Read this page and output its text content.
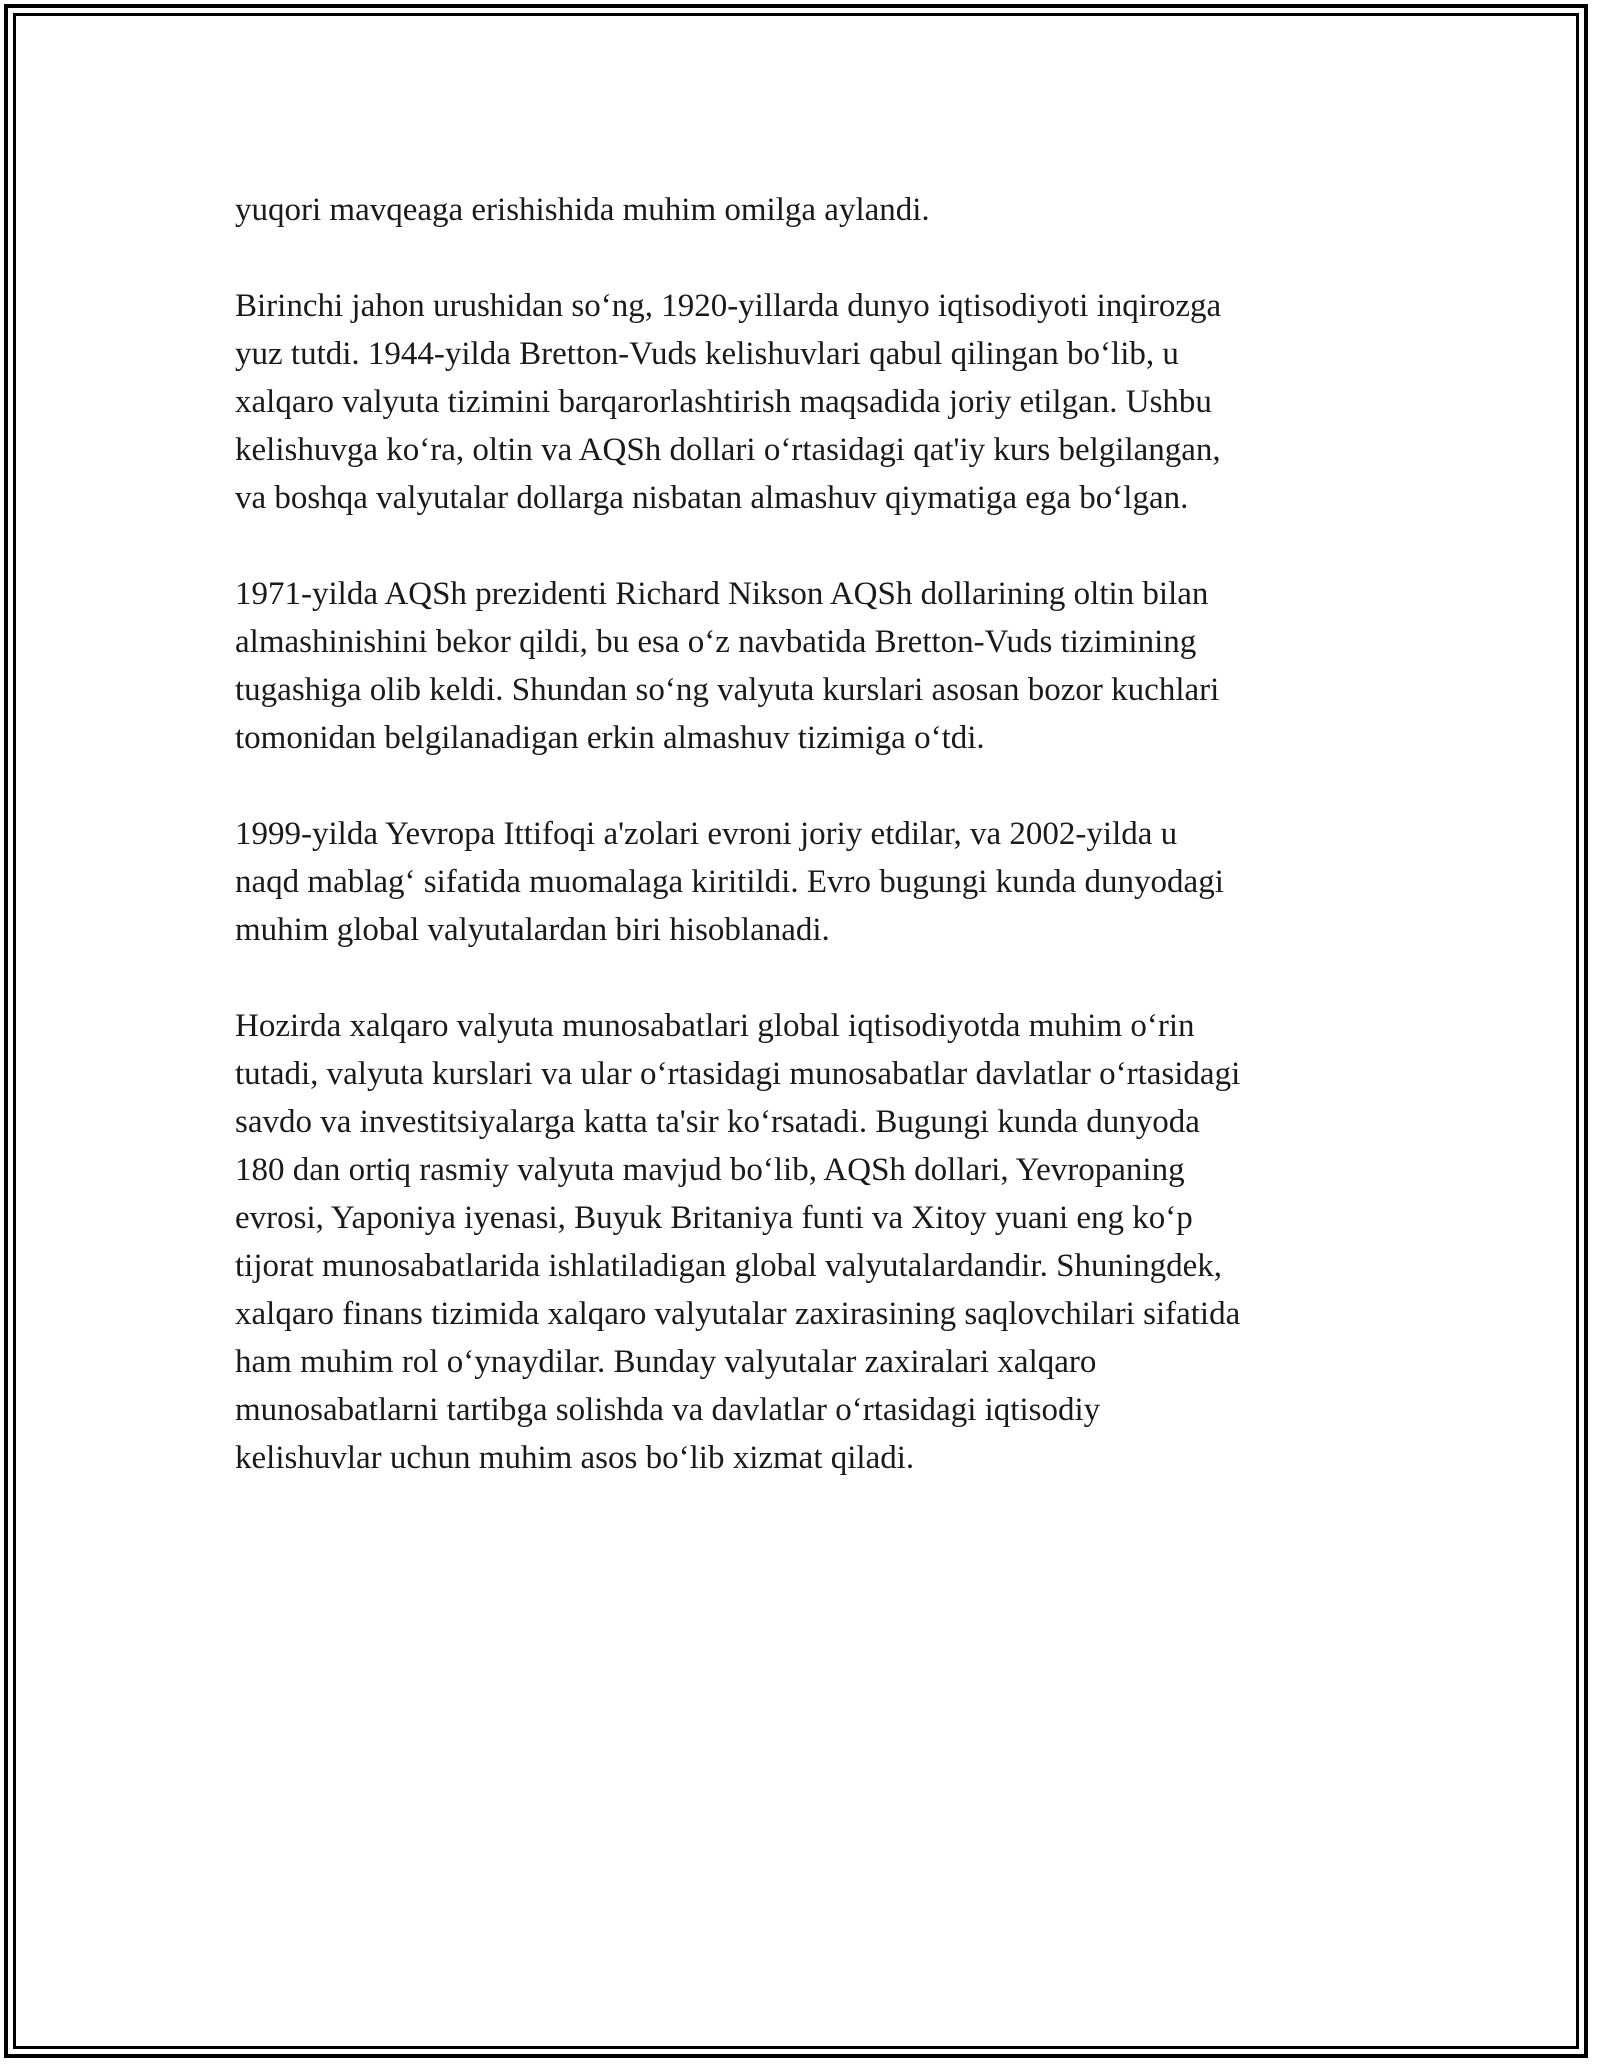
yuqori mavqeaga erishishida muhim omilga aylandi.

Birinchi jahon urushidan so‘ng, 1920-yillarda dunyo iqtisodiyoti inqirozga
yuz tutdi. 1944-yilda Bretton-Vuds kelishuvlari qabul qilingan bo‘lib, u
xalqaro valyuta tizimini barqarorlashtirish maqsadida joriy etilgan. Ushbu
kelishuvga ko‘ra, oltin va AQSh dollari o‘rtasidagi qat'iy kurs belgilangan,
va boshqa valyutalar dollarga nisbatan almashuv qiymatiga ega bo‘lgan.

1971-yilda AQSh prezidenti Richard Nikson AQSh dollarining oltin bilan
almashinishini bekor qildi, bu esa o‘z navbatida Bretton-Vuds tizimining
tugashiga olib keldi. Shundan so‘ng valyuta kurslari asosan bozor kuchlari
tomonidan belgilanadigan erkin almashuv tizimiga o‘tdi.

1999-yilda Yevropa Ittifoqi a'zolari evroni joriy etdilar, va 2002-yilda u
naqd mablag‘ sifatida muomalaga kiritildi. Evro bugungi kunda dunyodagi
muhim global valyutalardan biri hisoblanadi.

Hozirda xalqaro valyuta munosabatlari global iqtisodiyotda muhim o‘rin
tutadi, valyuta kurslari va ular o‘rtasidagi munosabatlar davlatlar o‘rtasidagi
savdo va investitsiyalarga katta ta'sir ko‘rsatadi. Bugungi kunda dunyoda
180 dan ortiq rasmiy valyuta mavjud bo‘lib, AQSh dollari, Yevropaning
evrosi, Yaponiya iyenasi, Buyuk Britaniya funti va Xitoy yuani eng ko‘p
tijorat munosabatlarida ishlatiladigan global valyutalardandir. Shuningdek,
xalqaro finans tizimida xalqaro valyutalar zaxirasining saqlovchilari sifatida
ham muhim rol o‘ynaydilar. Bunday valyutalar zaxiralari xalqaro
munosabatlarni tartibga solishda va davlatlar o‘rtasidagi iqtisodiy
kelishuvlar uchun muhim asos bo‘lib xizmat qiladi.
